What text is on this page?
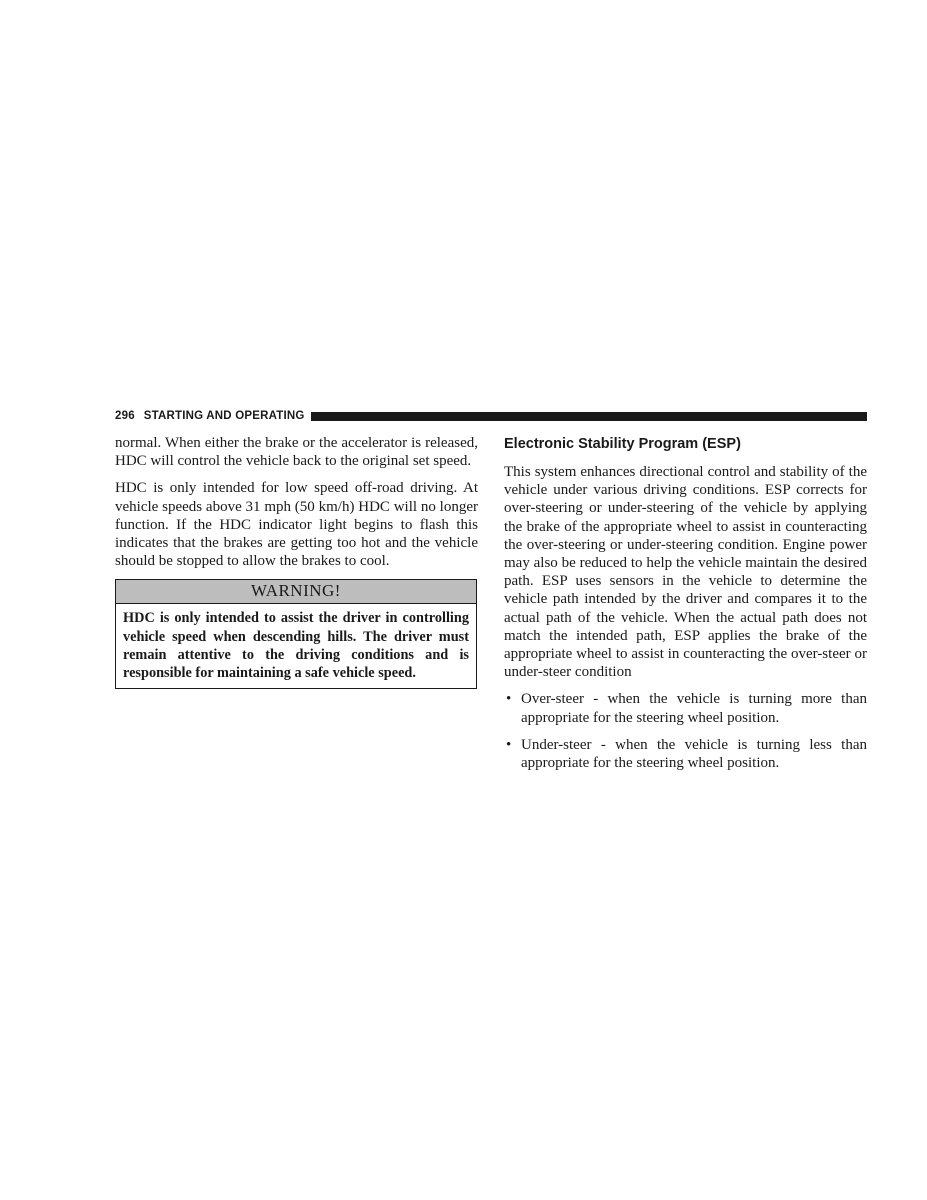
296 STARTING AND OPERATING

normal. When either the brake or the accelerator is released, HDC will control the vehicle back to the original set speed.

HDC is only intended for low speed off-road driving. At vehicle speeds above 31 mph (50 km/h) HDC will no longer function. If the HDC indicator light begins to flash this indicates that the brakes are getting too hot and the vehicle should be stopped to allow the brakes to cool.

WARNING!
HDC is only intended to assist the driver in controlling vehicle speed when descending hills. The driver must remain attentive to the driving conditions and is responsible for maintaining a safe vehicle speed.
Electronic Stability Program (ESP)

This system enhances directional control and stability of the vehicle under various driving conditions. ESP corrects for over-steering or under-steering of the vehicle by applying the brake of the appropriate wheel to assist in counteracting the over-steering or under-steering condition. Engine power may also be reduced to help the vehicle maintain the desired path. ESP uses sensors in the vehicle to determine the vehicle path intended by the driver and compares it to the actual path of the vehicle. When the actual path does not match the intended path, ESP applies the brake of the appropriate wheel to assist in counteracting the over-steer or under-steer condition

• Over-steer - when the vehicle is turning more than appropriate for the steering wheel position.
• Under-steer - when the vehicle is turning less than appropriate for the steering wheel position.
